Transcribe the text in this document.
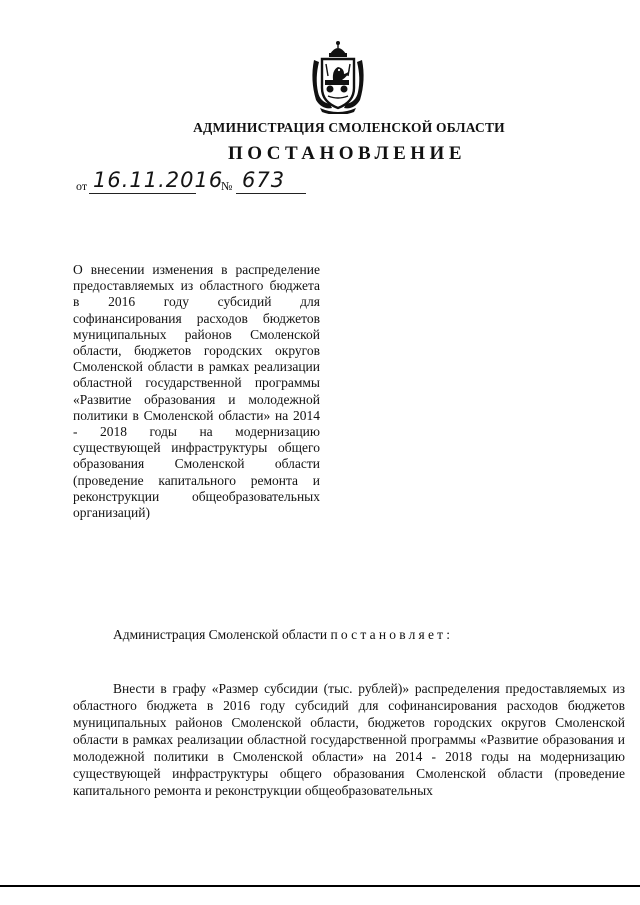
АДМИНИСТРАЦИЯ СМОЛЕНСКОЙ ОБЛАСТИ
ПОСТАНОВЛЕНИЕ
от 16.11.2016
№ 673
О внесении изменения в распределение предоставляемых из областного бюджета в 2016 году субсидий для софинансирования расходов бюджетов муниципальных районов Смоленской области, бюджетов городских округов Смоленской области в рамках реализации областной государственной программы «Развитие образования и молодежной политики в Смоленской области» на 2014 - 2018 годы на модернизацию существующей инфраструктуры общего образования Смоленской области (проведение капитального ремонта и реконструкции общеобразовательных организаций)
Администрация Смоленской области постановляет:
Внести в графу «Размер субсидии (тыс. рублей)» распределения предоставляемых из областного бюджета в 2016 году субсидий для софинансирования расходов бюджетов муниципальных районов Смоленской области, бюджетов городских округов Смоленской области в рамках реализации областной государственной программы «Развитие образования и молодежной политики в Смоленской области» на 2014 - 2018 годы на модернизацию существующей инфраструктуры общего образования Смоленской области (проведение капитального ремонта и реконструкции общеобразовательных
